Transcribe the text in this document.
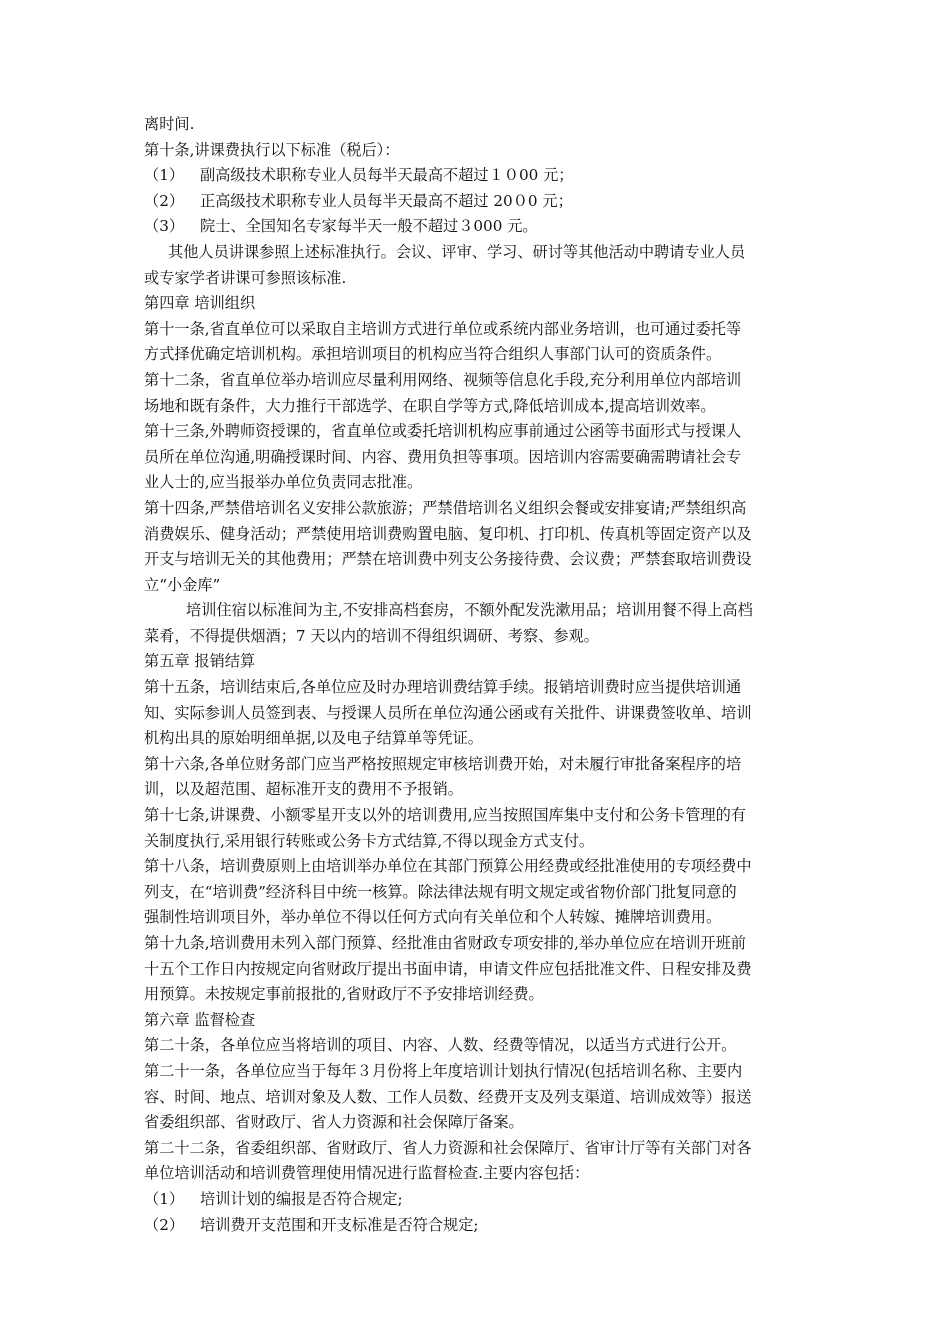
离时间.
第十条,讲课费执行以下标准（税后）：
（1）	副高级技术职称专业人员每半天最高不超过１０00 元；
（2）	正高级技术职称专业人员每半天最高不超过 20０0 元；
（3）	院士、全国知名专家每半天一般不超过３000 元。
其他人员讲课参照上述标准执行。会议、评审、学习、研讨等其他活动中聘请专业人员
或专家学者讲课可参照该标准.
第四章 培训组织
第十一条,省直单位可以采取自主培训方式进行单位或系统内部业务培训，也可通过委托等
方式择优确定培训机构。承担培训项目的机构应当符合组织人事部门认可的资质条件。
第十二条，省直单位举办培训应尽量利用网络、视频等信息化手段,充分利用单位内部培训
场地和既有条件，大力推行干部选学、在职自学等方式,降低培训成本,提高培训效率。
第十三条,外聘师资授课的，省直单位或委托培训机构应事前通过公函等书面形式与授课人
员所在单位沟通,明确授课时间、内容、费用负担等事项。因培训内容需要确需聘请社会专
业人士的,应当报举办单位负责同志批准。
第十四条,严禁借培训名义安排公款旅游；严禁借培训名义组织会餐或安排宴请;严禁组织高
消费娱乐、健身活动；严禁使用培训费购置电脑、复印机、打印机、传真机等固定资产以及
开支与培训无关的其他费用；严禁在培训费中列支公务接待费、会议费；严禁套取培训费设
立“小金库”
培训住宿以标准间为主,不安排高档套房，不额外配发洗漱用品；培训用餐不得上高档
菜肴，不得提供烟酒；7 天以内的培训不得组织调研、考察、参观。
第五章 报销结算
第十五条，培训结束后,各单位应及时办理培训费结算手续。报销培训费时应当提供培训通
知、实际参训人员签到表、与授课人员所在单位沟通公函或有关批件、讲课费签收单、培训
机构出具的原始明细单据,以及电子结算单等凭证。
第十六条,各单位财务部门应当严格按照规定审核培训费开始，对未履行审批备案程序的培
训，以及超范围、超标准开支的费用不予报销。
第十七条,讲课费、小额零星开支以外的培训费用,应当按照国库集中支付和公务卡管理的有
关制度执行,采用银行转账或公务卡方式结算,不得以现金方式支付。
第十八条，培训费原则上由培训举办单位在其部门预算公用经费或经批准使用的专项经费中
列支，在“培训费”经济科目中统一核算。除法律法规有明文规定或省物价部门批复同意的
强制性培训项目外，举办单位不得以任何方式向有关单位和个人转嫁、摊牌培训费用。
第十九条,培训费用未列入部门预算、经批准由省财政专项安排的,举办单位应在培训开班前
十五个工作日内按规定向省财政厅提出书面申请，申请文件应包括批准文件、日程安排及费
用预算。未按规定事前报批的,省财政厅不予安排培训经费。
第六章 监督检查
第二十条，各单位应当将培训的项目、内容、人数、经费等情况，以适当方式进行公开。
第二十一条，各单位应当于每年３月份将上年度培训计划执行情况(包括培训名称、主要内
容、时间、地点、培训对象及人数、工作人员数、经费开支及列支渠道、培训成效等）报送
省委组织部、省财政厅、省人力资源和社会保障厅备案。
第二十二条，省委组织部、省财政厅、省人力资源和社会保障厅、省审计厅等有关部门对各
单位培训活动和培训费管理使用情况进行监督检查.主要内容包括：
（1）	培训计划的编报是否符合规定;
（2）	培训费开支范围和开支标准是否符合规定;
